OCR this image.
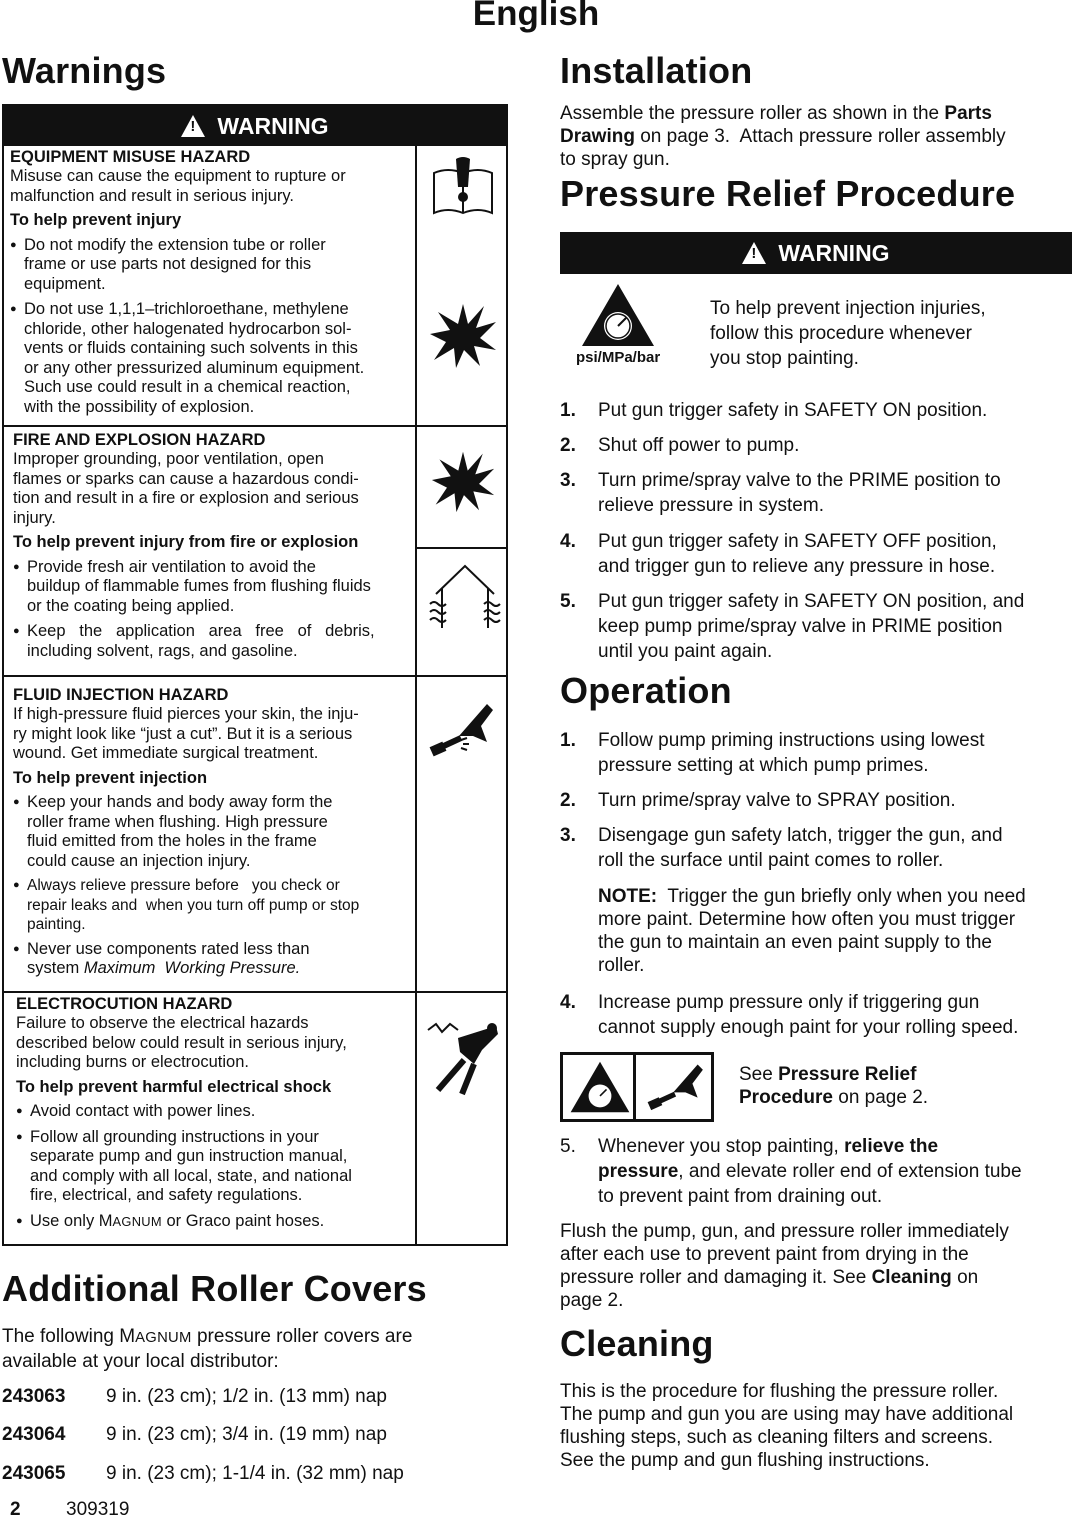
English
Warnings
! WARNING
EQUIPMENT MISUSE HAZARD

Misuse can cause the equipment to rupture or

malfunction and result in serious injury.

To help prevent injury

● Do not modify the extension tube or roller
frame or use parts not designed for this
equipment.
● Do not use 1,1,1–trichloroethane, methylene
chloride, other halogenated hydrocarbon sol-
vents or fluids containing such solvents in this
or any other pressurized aluminum equipment.
Such use could result in a chemical reaction,
with the possibility of explosion.
FIRE AND EXPLOSION HAZARD

Improper grounding, poor ventilation, open

flames or sparks can cause a hazardous condi-

tion and result in a fire or explosion and serious

injury.

To help prevent injury from fire or explosion

● Provide fresh air ventilation to avoid the
buildup of flammable fumes from flushing fluids
or the coating being applied.
● Keep   the   application   area   free   of   debris,
including solvent, rags, and gasoline.
FLUID INJECTION HAZARD

If high-pressure fluid pierces your skin, the inju-

ry might look like “just a cut”. But it is a serious

wound. Get immediate surgical treatment.

To help prevent injection

● Keep your hands and body away form the
roller frame when flushing. High pressure
fluid emitted from the holes in the frame
could cause an injection injury.
● Always relieve pressure before   you check or
repair leaks and  when you turn off pump or stop
painting.
● Never use components rated less than
system Maximum  Working Pressure.
ELECTROCUTION HAZARD

Failure to observe the electrical hazards

described below could result in serious injury,

including burns or electrocution.

To help prevent harmful electrical shock

● Avoid contact with power lines.
● Follow all grounding instructions in your
separate pump and gun instruction manual,
and comply with all local, state, and national
fire, electrical, and safety regulations.
● Use only MAGNUM or Graco paint hoses.
Additional Roller Covers
The following MAGNUM pressure roller covers are
available at your local distributor:
243063 9 in. (23 cm); 1/2 in. (13 mm) nap
243064 9 in. (23 cm); 3/4 in. (19 mm) nap
243065 9 in. (23 cm); 1-1/4 in. (32 mm) nap
2 309319
Installation
Assemble the pressure roller as shown in the Parts
Drawing on page 3.  Attach pressure roller assembly
to spray gun.
Pressure Relief Procedure
! WARNING
psi/MPa/bar
To help prevent injection injuries,
follow this procedure whenever
you stop painting.
1. Put gun trigger safety in SAFETY ON position.
2. Shut off power to pump.
3. Turn prime/spray valve to the PRIME position to
relieve pressure in system.
4. Put gun trigger safety in SAFETY OFF position,
and trigger gun to relieve any pressure in hose.
5. Put gun trigger safety in SAFETY ON position, and
keep pump prime/spray valve in PRIME position
until you paint again.
Operation
1. Follow pump priming instructions using lowest
pressure setting at which pump primes.
2. Turn prime/spray valve to SPRAY position.
3. Disengage gun safety latch, trigger the gun, and
roll the surface until paint comes to roller.
NOTE:  Trigger the gun briefly only when you need
more paint. Determine how often you must trigger
the gun to maintain an even paint supply to the
roller.
4. Increase pump pressure only if triggering gun
cannot supply enough paint for your rolling speed.
See Pressure Relief
Procedure on page 2.
5. Whenever you stop painting, relieve the
pressure, and elevate roller end of extension tube
to prevent paint from draining out.
Flush the pump, gun, and pressure roller immediately
after each use to prevent paint from drying in the
pressure roller and damaging it. See Cleaning on
page 2.
Cleaning
This is the procedure for flushing the pressure roller.
The pump and gun you are using may have additional
flushing steps, such as cleaning filters and screens.
See the pump and gun flushing instructions.
